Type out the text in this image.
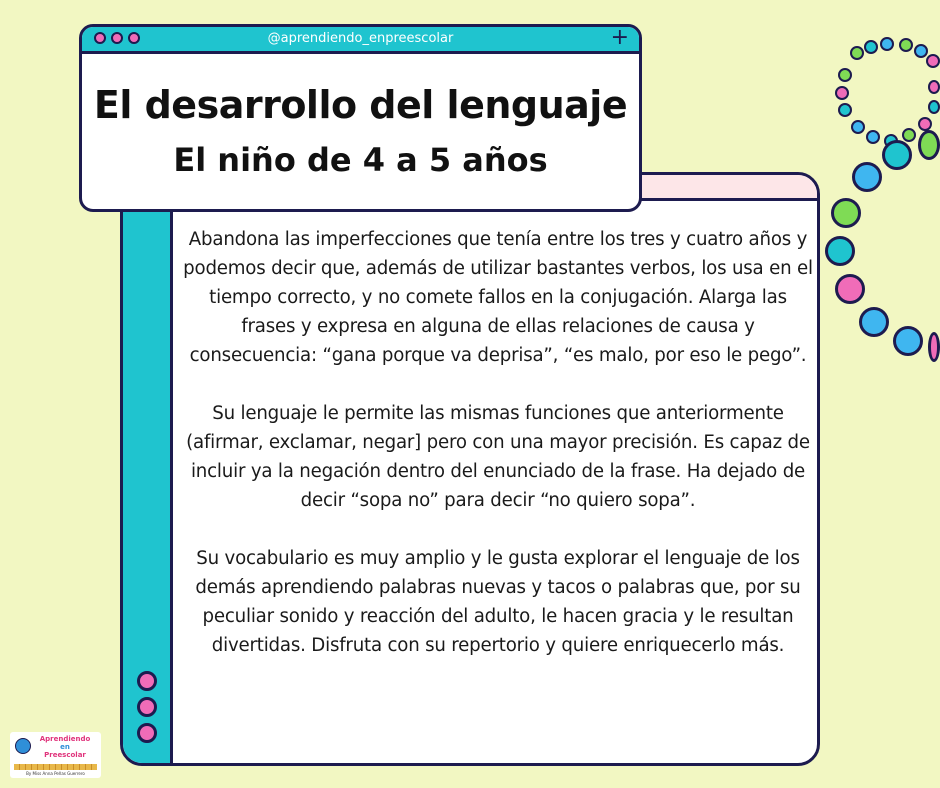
Abandona las imperfecciones que tenía entre los tres y cuatro años y podemos decir que, además de utilizar bastantes verbos, los usa en el tiempo correcto, y no comete fallos en la conjugación. Alarga las frases y expresa en alguna de ellas relaciones de causa y consecuencia: “gana porque va deprisa”, “es malo, por eso le pego”.

Su lenguaje le permite las mismas funciones que anteriormente (afirmar, exclamar, negar] pero con una mayor precisión. Es capaz de incluir ya la negación dentro del enunciado de la frase. Ha dejado de decir “sopa no” para decir “no quiero sopa”.

Su vocabulario es muy amplio y le gusta explorar el lenguaje de los demás aprendiendo palabras nuevas y tacos o palabras que, por su peculiar sonido y reacción del adulto, le hacen gracia y le resultan divertidas. Disfruta con su repertorio y quiere enriquecerlo más.

@aprendiendo_enpreescolar	+
El desarrollo del lenguaje
El niño de 4 a 5 años
Aprendiendo
en
Preescolar
By Miss Anna Peñas Guerrero
